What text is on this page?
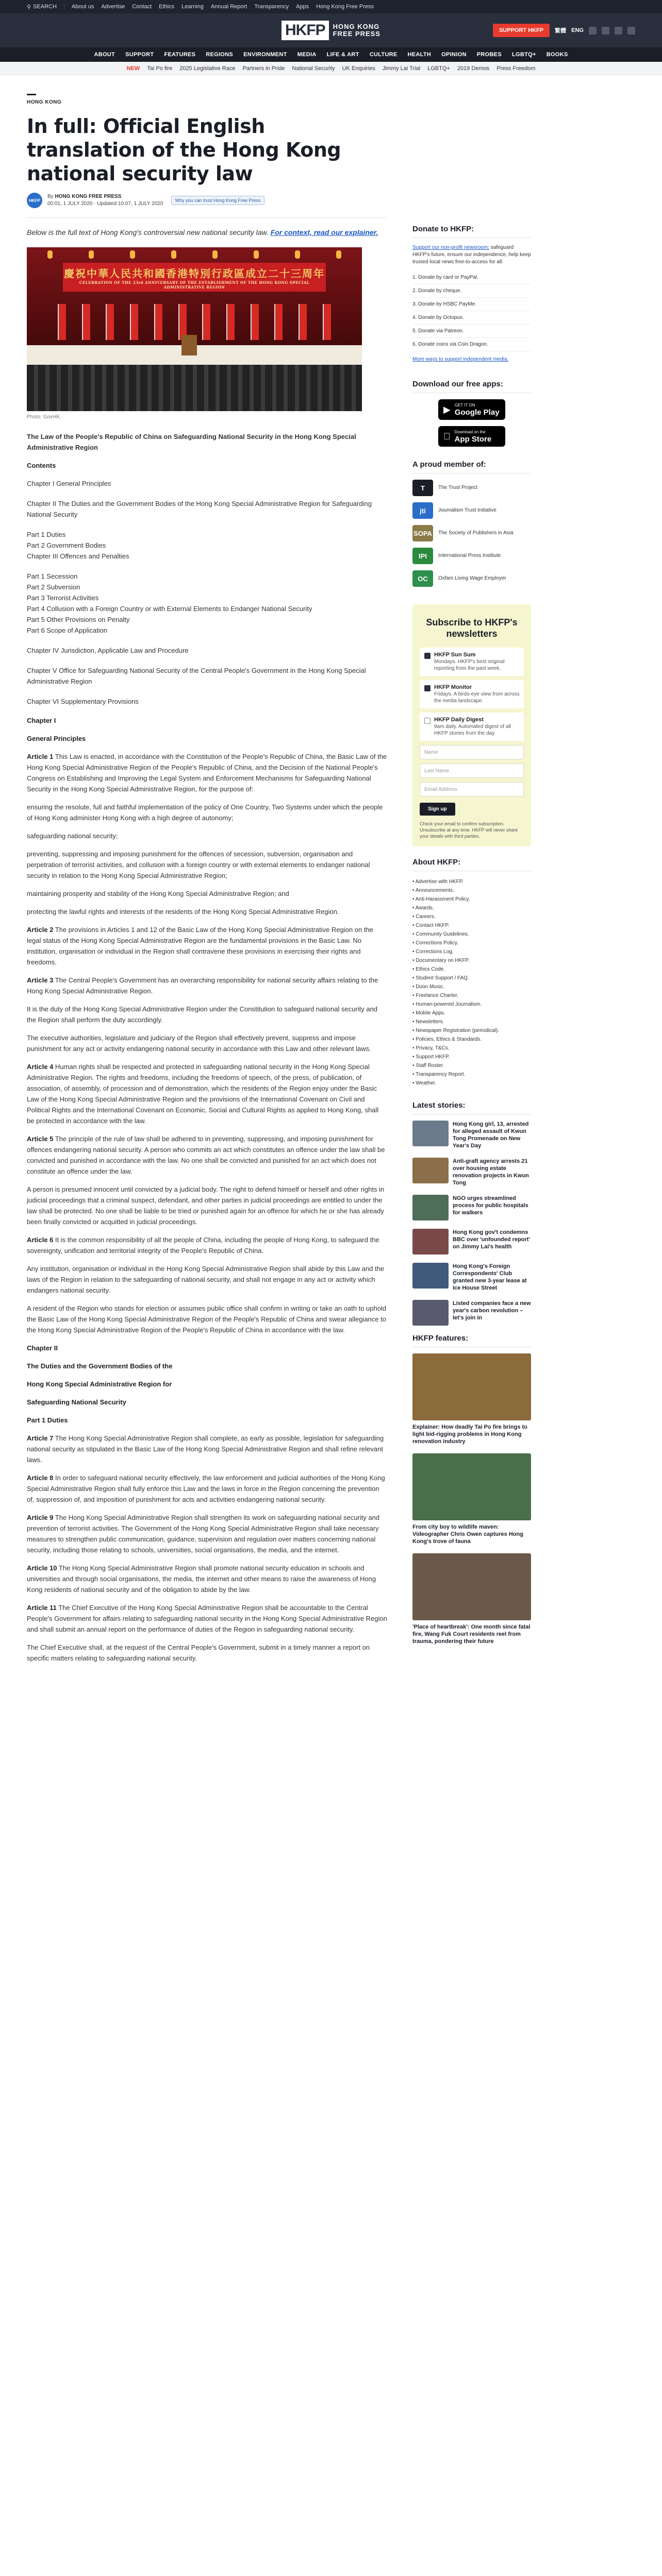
⚲ SEARCH	About us Advertise Contact Ethics Learning Annual Report Transparency Apps Hong Kong Free Press
HKFP	HONG KONG
FREE PRESS	SUPPORT HKFP	繁體 ENG
ABOUT SUPPORT FEATURES REGIONS ENVIRONMENT MEDIA LIFE & ART CULTURE HEALTH OPINION PROBES LGBTQ+ BOOKS
NEW Tai Po fire 2025 Legislative Race Partners in Pride National Security UK Enquiries Jimmy Lai Trial LGBTQ+ 2019 Demos Press Freedom
HONG KONG
In full: Official English translation of the Hong Kong national security law
HKFP
By HONG KONG FREE PRESS
00:01, 1 JULY 2020 · Updated 10:07, 1 JULY 2020
Why you can trust Hong Kong Free Press

Below is the full text of Hong Kong's controversial new national security law. For context, read our explainer.

慶祝中華人民共和國香港特別行政區成立二十三周年
CELEBRATION OF THE 23rd ANNIVERSARY OF THE ESTABLISHMENT OF THE HONG KONG SPECIAL ADMINISTRATIVE REGION
Photo: GovHK.

The Law of the People's Republic of China on Safeguarding National Security in the Hong Kong Special Administrative Region

Contents

Chapter I General Principles
Chapter II The Duties and the Government Bodies of the Hong Kong Special Administrative Region for Safeguarding National Security
Part 1 Duties
Part 2 Government Bodies
Chapter III Offences and Penalties
Part 1 Secession
Part 2 Subversion
Part 3 Terrorist Activities
Part 4 Collusion with a Foreign Country or with External Elements to Endanger National Security
Part 5 Other Provisions on Penalty
Part 6 Scope of Application
Chapter IV Jurisdiction, Applicable Law and Procedure
Chapter V Office for Safeguarding National Security of the Central People's Government in the Hong Kong Special Administrative Region
Chapter VI Supplementary Provisions

Chapter I

General Principles

Article 1 This Law is enacted, in accordance with the Constitution of the People's Republic of China, the Basic Law of the Hong Kong Special Administrative Region of the People's Republic of China, and the Decision of the National People's Congress on Establishing and Improving the Legal System and Enforcement Mechanisms for Safeguarding National Security in the Hong Kong Special Administrative Region, for the purpose of:

ensuring the resolute, full and faithful implementation of the policy of One Country, Two Systems under which the people of Hong Kong administer Hong Kong with a high degree of autonomy;

safeguarding national security;

preventing, suppressing and imposing punishment for the offences of secession, subversion, organisation and perpetration of terrorist activities, and collusion with a foreign country or with external elements to endanger national security in relation to the Hong Kong Special Administrative Region;

maintaining prosperity and stability of the Hong Kong Special Administrative Region; and

protecting the lawful rights and interests of the residents of the Hong Kong Special Administrative Region.

Article 2 The provisions in Articles 1 and 12 of the Basic Law of the Hong Kong Special Administrative Region on the legal status of the Hong Kong Special Administrative Region are the fundamental provisions in the Basic Law. No institution, organisation or individual in the Region shall contravene these provisions in exercising their rights and freedoms.

Article 3 The Central People's Government has an overarching responsibility for national security affairs relating to the Hong Kong Special Administrative Region.

It is the duty of the Hong Kong Special Administrative Region under the Constitution to safeguard national security and the Region shall perform the duty accordingly.

The executive authorities, legislature and judiciary of the Region shall effectively prevent, suppress and impose punishment for any act or activity endangering national security in accordance with this Law and other relevant laws.

Article 4 Human rights shall be respected and protected in safeguarding national security in the Hong Kong Special Administrative Region. The rights and freedoms, including the freedoms of speech, of the press, of publication, of association, of assembly, of procession and of demonstration, which the residents of the Region enjoy under the Basic Law of the Hong Kong Special Administrative Region and the provisions of the International Covenant on Civil and Political Rights and the International Covenant on Economic, Social and Cultural Rights as applied to Hong Kong, shall be protected in accordance with the law.

Article 5 The principle of the rule of law shall be adhered to in preventing, suppressing, and imposing punishment for offences endangering national security. A person who commits an act which constitutes an offence under the law shall be convicted and punished in accordance with the law. No one shall be convicted and punished for an act which does not constitute an offence under the law.

A person is presumed innocent until convicted by a judicial body. The right to defend himself or herself and other rights in judicial proceedings that a criminal suspect, defendant, and other parties in judicial proceedings are entitled to under the law shall be protected. No one shall be liable to be tried or punished again for an offence for which he or she has already been finally convicted or acquitted in judicial proceedings.

Article 6 It is the common responsibility of all the people of China, including the people of Hong Kong, to safeguard the sovereignty, unification and territorial integrity of the People's Republic of China.

Any institution, organisation or individual in the Hong Kong Special Administrative Region shall abide by this Law and the laws of the Region in relation to the safeguarding of national security, and shall not engage in any act or activity which endangers national security.

A resident of the Region who stands for election or assumes public office shall confirm in writing or take an oath to uphold the Basic Law of the Hong Kong Special Administrative Region of the People's Republic of China and swear allegiance to the Hong Kong Special Administrative Region of the People's Republic of China in accordance with the law.

Chapter II

The Duties and the Government Bodies of the

Hong Kong Special Administrative Region for

Safeguarding National Security

Part 1 Duties

Article 7 The Hong Kong Special Administrative Region shall complete, as early as possible, legislation for safeguarding national security as stipulated in the Basic Law of the Hong Kong Special Administrative Region and shall refine relevant laws.

Article 8 In order to safeguard national security effectively, the law enforcement and judicial authorities of the Hong Kong Special Administrative Region shall fully enforce this Law and the laws in force in the Region concerning the prevention of, suppression of, and imposition of punishment for acts and activities endangering national security.

Article 9 The Hong Kong Special Administrative Region shall strengthen its work on safeguarding national security and prevention of terrorist activities. The Government of the Hong Kong Special Administrative Region shall take necessary measures to strengthen public communication, guidance, supervision and regulation over matters concerning national security, including those relating to schools, universities, social organisations, the media, and the internet.

Article 10 The Hong Kong Special Administrative Region shall promote national security education in schools and universities and through social organisations, the media, the internet and other means to raise the awareness of Hong Kong residents of national security and of the obligation to abide by the law.

Article 11 The Chief Executive of the Hong Kong Special Administrative Region shall be accountable to the Central People's Government for affairs relating to safeguarding national security in the Hong Kong Special Administrative Region and shall submit an annual report on the performance of duties of the Region in safeguarding national security.

The Chief Executive shall, at the request of the Central People's Government, submit in a timely manner a report on specific matters relating to safeguarding national security.

Donate to HKFP:

Support our non-profit newsroom: safeguard HKFP's future, ensure our independence, help keep trusted local news free-to-access for all.

1. Donate by card or PayPal.
2. Donate by cheque.
3. Donate by HSBC PayMe.
4. Donate by Octopus.
5. Donate via Patreon.
6. Donate coins via Coin Dragon.
More ways to support independent media.
Download our free apps:
▶ GET IT ON
Google Play
Download on the
App Store
A proud member of:
T	The Trust Project
jti	Journalism Trust Initiative
SOPA The Society of Publishers in Asia
IPI	International Press Institute
OC	Oxfam Living Wage Employer
Subscribe to HKFP's newsletters
HKFP Sun Sum
Mondays. HKFP's best original reporting from the past week.
HKFP Monitor
Fridays. A birds-eye view from across the media landscape.
HKFP Daily Digest
9am daily. Automated digest of all HKFP stories from the day.
Name
Last Name
Email Address
Sign up

Check your email to confirm subscription. Unsubscribe at any time. HKFP will never share your details with third parties.

About HKFP:
• Advertise with HKFP.
• Announcements.
• Anti-Harassment Policy.
• Awards.
• Careers.
• Contact HKFP.
• Community Guidelines.
• Corrections Policy.
• Corrections Log.
• Documentary on HKFP.
• Ethics Code.
• Student Support / FAQ.
• Doon Music.
• Freelance Charter.
• Human-powered Journalism.
• Mobile Apps.
• Newsletters.
• Newspaper Registration (periodical).
• Policies, Ethics & Standards.
• Privacy, T&Cs.
• Support HKFP.
• Staff Roster.
• Transparency Report.
• Weather.
Latest stories:
Hong Kong girl, 13, arrested for alleged assault of Kwun Tong Promenade on New Year's Day
Anti-graft agency arrests 21 over housing estate renovation projects in Kwun Tong
NGO urges streamlined process for public hospitals for walkers
Hong Kong gov't condemns BBC over 'unfounded report' on Jimmy Lai's health
Hong Kong's Foreign Correspondents' Club granted new 3-year lease at Ice House Street
Listed companies face a new year's carbon revolution – let's join in
HKFP features:
Explainer: How deadly Tai Po fire brings to light bid-rigging problems in Hong Kong renovation industry
From city boy to wildlife maven: Videographer Chris Owen captures Hong Kong's trove of fauna
'Place of heartbreak': One month since fatal fire, Wang Fuk Court residents reel from trauma, pondering their future
